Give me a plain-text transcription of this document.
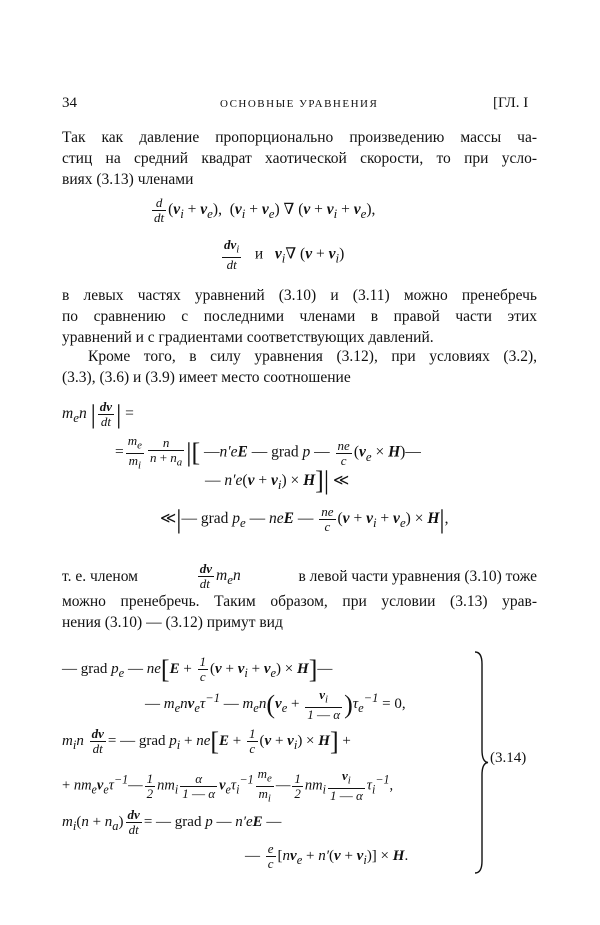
34	ОСНОВНЫЕ УРАВНЕНИЯ	[ГЛ. I
Так как давление пропорционально произведению массы ча-
стиц на средний квадрат хаотической скорости, то при усло-
виях (3.13) членами
$\frac{d}{dt} (v_i + v_e)$, $(v_i + v_e)$ ∇ $(v + v_i + v_e)$,
$\frac{dv_i}{dt}$ и $v_i\nabla$ $(v + v_i)$
в левых частях уравнений (3.10) и (3.11) можно пренебречь
по сравнению с последними членами в правой части этих
уравнений и с градиентами соответствующих давлений.
Кроме того, в силу уравнения (3.12), при условиях (3.2),
(3.3), (3.6) и (3.9) имеет место соотношение
$m_en$ | $\frac{dv}{dt}$ | =
= $\frac{m_e}{m_i} \frac{n}{n + n_a}$ |[ —n′eE — grad p — $\frac{ne}{c} (v_e$ × H)—
— $n'e(v + v_i) \times H]|$ ≪
≪|— grad $p_e$ — neE — $\frac{ne}{c} (v + v_i + v_e) \times H|$,
т. е. членом	$\frac{dv}{dt} m_en$	в левой части уравнения (3.10) тоже
можно пренебречь. Таким образом, при условии (3.13) урав-
нения (3.10) — (3.12) примут вид
— grad $p_e$ — $ne[E + \frac{1}{c} (v + v_i + v_e)$ × H]—
— $m_env_e\tau^{-1}$ — $m_en(v_e + \frac{v_i}{1 — \alpha} )\tau_e^{-1} = 0$,
$m_in \frac{dv}{dt}$ = — grad $p_i + ne[E + \frac{1}{c} (v + v_i) \times H]$ +
+ $nm_ev_e\tau^{-1}— \frac{1}{2} nm_i \frac{\alpha}{1 — \alpha} v_e\tau_i^{-1} \frac{m_e}{m_i}$ — $\frac{1}{2} nm_i \frac{v_i}{1 — \alpha} \tau_i^{-1}$,
$m_i(n + n_a) \frac{dv}{dt}$ = — grad p — n′eE —
— $\frac{e}{c} [nv_e + n'(v + v_i)] \times H$.
(3.14)
